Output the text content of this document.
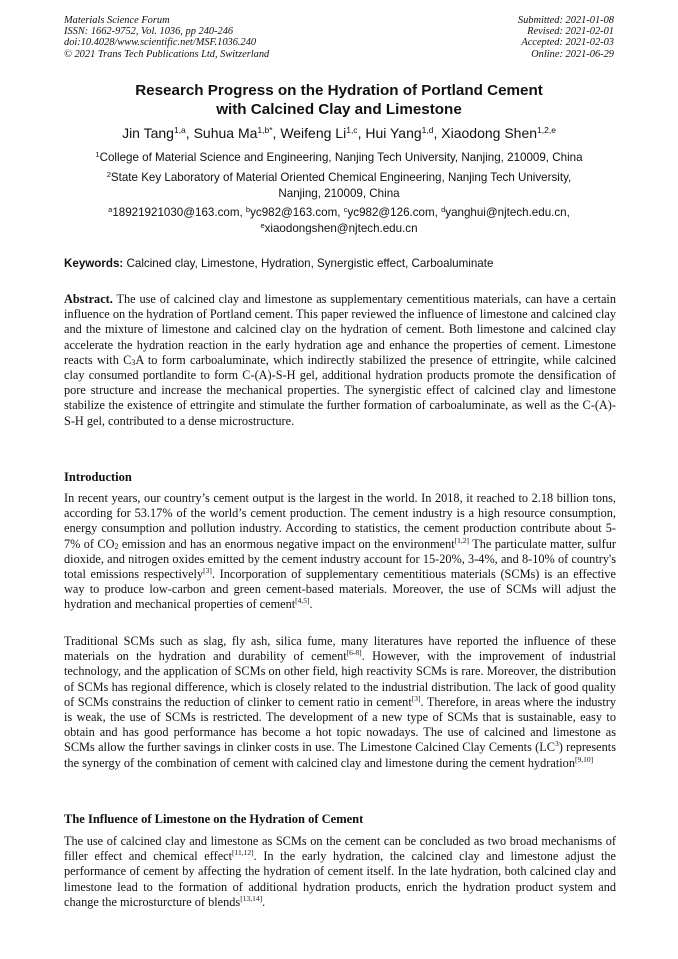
Materials Science Forum
ISSN: 1662-9752, Vol. 1036, pp 240-246
doi:10.4028/www.scientific.net/MSF.1036.240
© 2021 Trans Tech Publications Ltd, Switzerland
Submitted: 2021-01-08
Revised: 2021-02-01
Accepted: 2021-02-03
Online: 2021-06-29
Research Progress on the Hydration of Portland Cement
with Calcined Clay and Limestone
Jin Tang$^{1,a}$, Suhua $Ma^{1,b*}$, Weifeng Li$^{1,c}$, Hui Yang$^{1,d}$, Xiaodong Shen$^{1,2,e}$
$^1$College of Material Science and Engineering, Nanjing Tech University, Nanjing, 210009, China
$^2$State Key Laboratory of Material Oriented Chemical Engineering, Nanjing Tech University,
Nanjing, 210009, China
$^a$18921921030@163.com, $^b$yc982@163.com, $^c$yc982@126.com, $^d$yanghui@njtech.edu.cn,
$^e$xiaodongshen@njtech.edu.cn
Keywords: Calcined clay, Limestone, Hydration, Synergistic effect, Carboaluminate

Abstract. The use of calcined clay and limestone as supplementary cementitious materials, can have a certain influence on the hydration of Portland cement. This paper reviewed the influence of limestone and calcined clay and the mixture of limestone and calcined clay on the hydration of cement. Both limestone and calcined clay accelerate the hydration reaction in the early hydration age and enhance the properties of cement. Limestone reacts with $C_3A$ to form carboaluminate, which indirectly stabilized the presence of ettringite, while calcined clay consumed portlandite to form C-(A)-S-H gel, additional hydration products promote the densification of pore structure and increase the mechanical properties. The synergistic effect of calcined clay and limestone stabilize the existence of ettringite and stimulate the further formation of carboaluminate, as well as the C-(A)-S-H gel, contributed to a dense microstructure.

Introduction

In recent years, our country’s cement output is the largest in the world. In 2018, it reached to 2.18 billion tons, according for 53.17% of the world’s cement production. The cement industry is a high resource consumption, energy consumption and pollution industry. According to statistics, the cement production contribute about 5-7% of $CO_2$ emission and has an enormous negative impact on the environment[1,2] The particulate matter, sulfur dioxide, and nitrogen oxides emitted by the cement industry account for 15-20%, 3-4%, and 8-10% of country's total emissions respectively[3]. Incorporation of supplementary cementitious materials (SCMs) is an effective way to produce low-carbon and green cement-based materials. Moreover, the use of SCMs will adjust the hydration and mechanical properties of cement[4,5].

Traditional SCMs such as slag, fly ash, silica fume, many literatures have reported the influence of these materials on the hydration and durability of cement[6-8]. However, with the improvement of industrial technology, and the application of SCMs on other field, high reactivity SCMs is rare. Moreover, the distribution of SCMs has regional difference, which is closely related to the industrial distribution. The lack of good quality of SCMs constrains the reduction of clinker to cement ratio in cement[3]. Therefore, in areas where the industry is weak, the use of SCMs is restricted. The development of a new type of SCMs that is sustainable, easy to obtain and has good performance has become a hot topic nowadays. The use of calcined and limestone as SCMs allow the further savings in clinker costs in use. The Limestone Calcined Clay Cements $(LC^3)$ represents the synergy of the combination of cement with calcined clay and limestone during the cement hydration[9,10]

The Influence of Limestone on the Hydration of Cement

The use of calcined clay and limestone as SCMs on the cement can be concluded as two broad mechanisms of filler effect and chemical effect[11,12]. In the early hydration, the calcined clay and limestone adjust the performance of cement by affecting the hydration of cement itself. In the late hydration, both calcined clay and limestone lead to the formation of additional hydration products, enrich the hydration product system and change the microsturcture of blends[13,14].
